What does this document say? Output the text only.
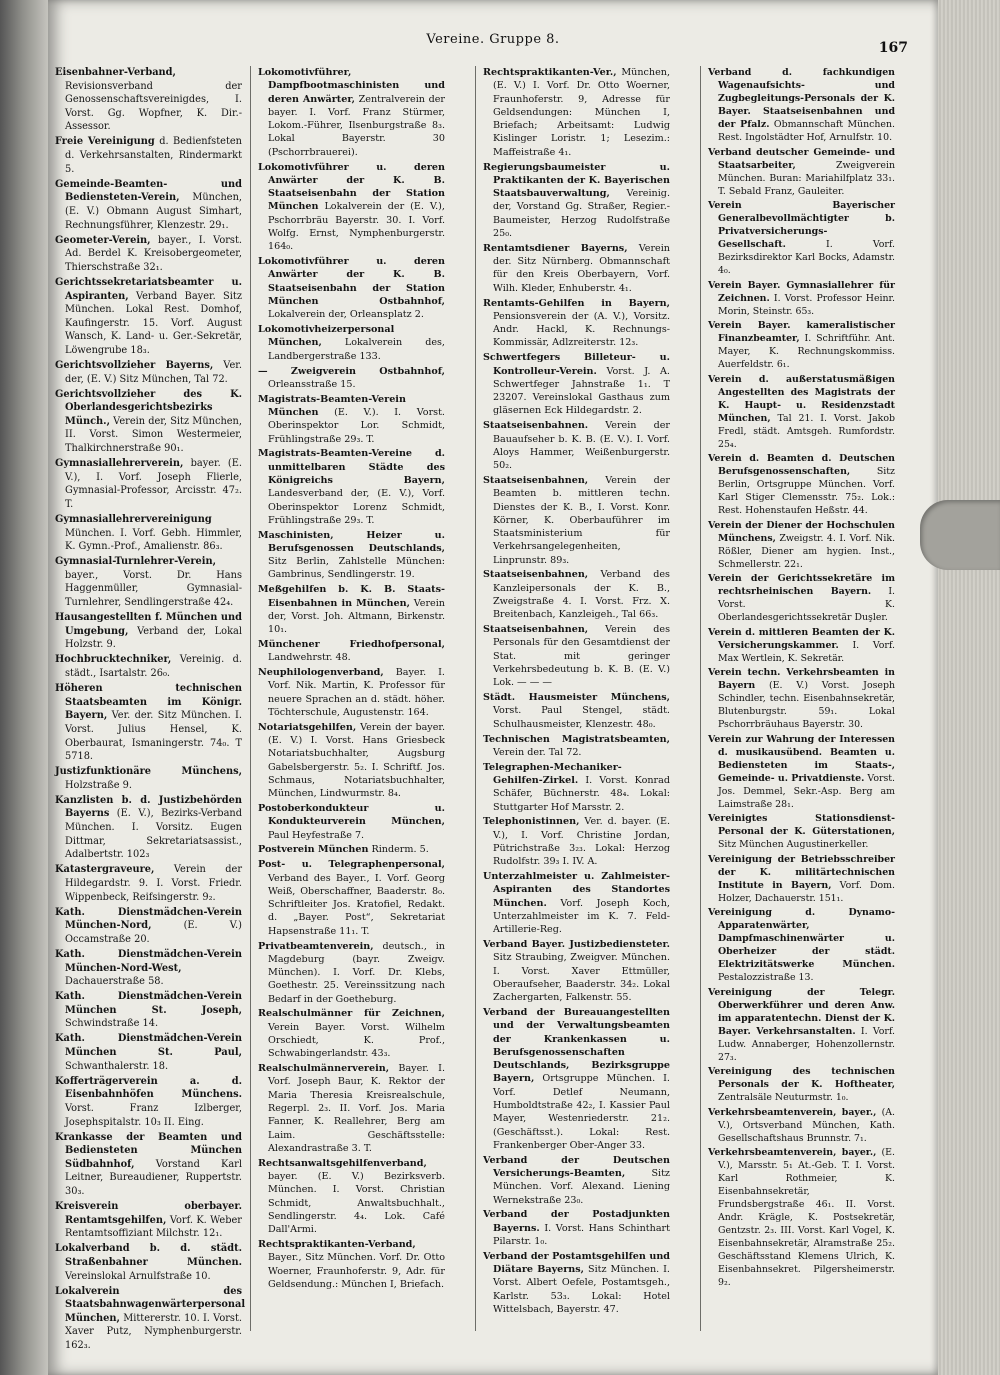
Vereine. Gruppe 8.
167

Eisenbahner-Verband, Revisionsverband der Genossenschaftsvereinigdes, I. Vorst. Gg. Wopfner, K. Dir.-Assessor.

Freie Vereinigung d. Bedienfsteten d. Verkehrsanstalten, Rindermarkt 5.

Gemeinde-Beamten- und Bediensteten-Verein, München, (E. V.) Obmann August Simhart, Rechnungsführer, Klenzestr. 29₁.

Geometer-Verein, bayer., I. Vorst. Ad. Berdel K. Kreisobergeometer, Thierschstraße 32₁.

Gerichtssekretariatsbeamter u. Aspiranten, Verband Bayer. Sitz München. Lokal Rest. Domhof, Kaufingerstr. 15. Vorf. August Wansch, K. Land- u. Ger.-Sekretär, Löwengrube 18₃.

Gerichtsvollzieher Bayerns, Ver. der, (E. V.) Sitz München, Tal 72.

Gerichtsvollzieher des K. Oberlandesgerichtsbezirks Münch., Verein der, Sitz München, II. Vorst. Simon Westermeier, Thalkirchnerstraße 90₁.

Gymnasiallehrerverein, bayer. (E. V.), I. Vorf. Joseph Flierle, Gymnasial-Professor, Arcisstr. 47₂. T.

Gymnasiallehrervereinigung München. I. Vorf. Gebh. Himmler, K. Gymn.-Prof., Amalienstr. 86₃.

Gymnasial-Turnlehrer-Verein, bayer., Vorst. Dr. Hans Haggenmüller, Gymnasial-Turnlehrer, Sendlingerstraße 42₄.

Hausangestellten f. München und Umgebung, Verband der, Lokal Holzstr. 9.

Hochbrucktechniker, Vereinig. d. städt., Isartalstr. 26₀.

Höheren technischen Staatsbeamten im Königr. Bayern, Ver. der. Sitz München. I. Vorst. Julius Hensel, K. Oberbaurat, Ismaningerstr. 74₀. T 5718.

Justizfunktionäre Münchens, Holzstraße 9.

Kanzlisten b. d. Justizbehörden Bayerns (E. V.), Bezirks-Verband München. I. Vorsitz. Eugen Dittmar, Sekretariatsassist., Adalbertstr. 102₃

Katastergraveure, Verein der Hildegardstr. 9. I. Vorst. Friedr. Wippenbeck, Reifsingerstr. 9₂.

Kath. Dienstmädchen-Verein München-Nord,	(E. V.) Occamstraße 20.

Kath. Dienstmädchen-Verein München-Nord-West, Dachauerstraße 58.

Kath. Dienstmädchen-Verein München St. Joseph, Schwindstraße 14.

Kath. Dienstmädchen-Verein München St. Paul, Schwanthalerstr. 18.

Kofferträgerverein a. d. Eisenbahnhöfen Münchens. Vorst. Franz Izlberger, Josephspitalstr. 10₃ II. Eing.

Krankasse der Beamten und Bediensteten München Südbahnhof, Vorstand Karl Leitner, Bureaudiener, Ruppertstr. 30₃.

Kreisverein oberbayer. Rentamtsgehilfen, Vorf. K. Weber Rentamtsoffiziant Milchstr. 12₁.

Lokalverband b. d. städt. Straßenbahner München. Vereinslokal Arnulfstraße 10.

Lokalverein des Staatsbahnwagenwärterpersonal München, Mittererstr. 10. I. Vorst. Xaver Putz, Nymphenburgerstr. 162₃.

Lokomotivführer, Dampfbootmaschinisten und deren Anwärter, Zentralverein der bayer. I. Vorf. Franz Stürmer, Lokom.-Führer, Ilsenburgstraße 8₃. Lokal Bayerstr. 30 (Pschorrbrauerei).

Lokomotivführer u. deren Anwärter der K. B. Staatseisenbahn der Station München Lokalverein der (E. V.), Pschorrbräu Bayerstr. 30. I. Vorf. Wolfg. Ernst, Nymphenburgerstr. 164₀.

Lokomotivführer u. deren Anwärter der K. B. Staatseisenbahn der Station München Ostbahnhof, Lokalverein der, Orleansplatz 2.

Lokomotivheizerpersonal München, Lokalverein des, Landbergerstraße 133.

— Zweigverein Ostbahnhof, Orleansstraße 15.

Magistrats-Beamten-Verein München (E. V.). I. Vorst. Oberinspektor Lor. Schmidt, Frühlingstraße 29₃. T.

Magistrats-Beamten-Vereine d. unmittelbaren Städte des Königreichs Bayern, Landesverband der, (E. V.), Vorf. Oberinspektor Lorenz Schmidt, Frühlingstraße 29₃. T.

Maschinisten, Heizer u. Berufsgenossen Deutschlands, Sitz Berlin, Zahlstelle München: Gambrinus, Sendlingerstr. 19.

Meßgehilfen b. K. B. Staats-Eisenbahnen in München, Verein der, Vorst. Joh. Altmann, Birkenstr. 10₁.

Münchener Friedhofpersonal, Landwehrstr. 48.

Neuphilologenverband, Bayer. I. Vorf. Nik. Martin, K. Professor für neuere Sprachen an d. städt. höher. Töchterschule, Augustenstr. 164.

Notariatsgehilfen, Verein der bayer. (E. V.) I. Vorst. Hans Griesbeck Notariatsbuchhalter, Augsburg Gabelsbergerstr. 5₂. I. Schriftf. Jos. Schmaus, Notariatsbuchhalter, München, Lindwurmstr. 8₄.

Postoberkondukteur u. Kondukteurverein München, Paul Heyfestraße 7.

Postverein München Rinderm. 5.

Post- u. Telegraphenpersonal, Verband des Bayer., I. Vorf. Georg Weiß, Oberschaffner, Baaderstr. 8₀. Schriftleiter Jos. Kratofiel, Redakt. d. „Bayer. Post“, Sekretariat Hapsenstraße 11₁. T.

Privatbeamtenverein, deutsch., in Magdeburg (bayr. Zweigv. München). I. Vorf. Dr. Klebs, Goethestr. 25. Vereinssitzung nach Bedarf in der Goetheburg.

Realschulmänner für Zeichnen, Verein Bayer. Vorst. Wilhelm Orschiedt, K. Prof., Schwabingerlandstr. 43₃.

Realschulmännerverein, Bayer. I. Vorf. Joseph Baur, K. Rektor der Maria Theresia Kreisrealschule, Regerpl. 2₃. II. Vorf. Jos. Maria Fanner, K. Reallehrer, Berg am Laim. Geschäftsstelle: Alexandrastraße 3. T.

Rechtsanwaltsgehilfenverband, bayer. (E. V.) Bezirksverb. München. I. Vorst. Christian Schmidt, Anwaltsbuchhalt., Sendlingerstr. 4₄. Lok. Café Dall'Armi.

Rechtspraktikanten-Verband, Bayer., Sitz München. Vorf. Dr. Otto Woerner, Fraunhoferstr. 9, Adr. für Geldsendung.: München I, Briefach.

Rechtspraktikanten-Ver., München, (E. V.) I. Vorf. Dr. Otto Woerner, Fraunhoferstr. 9, Adresse für Geldsendungen: München I, Briefach; Arbeitsamt: Ludwig Kislinger Loristr. 1; Lesezim.: Maffeistraße 4₁.

Regierungsbaumeister u. Praktikanten der K. Bayerischen Staatsbauverwaltung, Vereinig. der, Vorstand Gg. Straßer, Regier.-Baumeister, Herzog Rudolfstraße 25₀.

Rentamtsdiener Bayerns, Verein der. Sitz Nürnberg. Obmannschaft für den Kreis Oberbayern, Vorf. Wilh. Kleder, Enhuberstr. 4₁.

Rentamts-Gehilfen in Bayern, Pensionsverein der (A. V.), Vorsitz. Andr. Hackl, K. Rechnungs-Kommissär, Adlzreiterstr. 12₃.

Schwertfegers Billeteur- u. Kontrolleur-Verein. Vorst. J. A. Schwertfeger Jahnstraße 1₁. T 23207. Vereinslokal Gasthaus zum gläsernen Eck Hildegardstr. 2.

Staatseisenbahnen. Verein der Bauaufseher b. K. B. (E. V.). I. Vorf. Aloys Hammer, Weißenburgerstr. 50₂.

Staatseisenbahnen, Verein der Beamten b. mittleren techn. Dienstes der K. B., I. Vorst. Konr. Körner, K. Oberbauführer im Staatsministerium für Verkehrsangelegenheiten, Linprunstr. 89₃.

Staatseisenbahnen, Verband des Kanzleipersonals der K. B., Zweigstraße 4. I. Vorst. Frz. X. Breitenbach, Kanzleigeh., Tal 66₃.

Staatseisenbahnen, Verein des Personals für den Gesamtdienst der Stat. mit geringer Verkehrsbedeutung b. K. B. (E. V.) Lok. — — —

Städt. Hausmeister Münchens, Vorst. Paul Stengel, städt. Schulhausmeister, Klenzestr. 48₀.

Technischen Magistratsbeamten, Verein der. Tal 72.

Telegraphen-Mechaniker-Gehilfen-Zirkel. I. Vorst. Konrad Schäfer, Büchnerstr. 48₄. Lokal: Stuttgarter Hof Marsstr. 2.

Telephonistinnen, Ver. d. bayer. (E. V.), I. Vorf. Christine Jordan, Pütrichstraße 3₂₃. Lokal: Herzog Rudolfstr. 39₃ I. IV. A.

Unterzahlmeister u. Zahlmeister-Aspiranten des Standortes München. Vorf. Joseph Koch, Unterzahlmeister im K. 7. Feld-Artillerie-Reg.

Verband Bayer. Justizbediensteter. Sitz Straubing, Zweigver. München. I. Vorst. Xaver Ettmüller, Oberaufseher, Baaderstr. 34₂. Lokal Zachergarten, Falkenstr. 55.

Verband der Bureauangestellten und der Verwaltungsbeamten der Krankenkassen u. Berufsgenossenschaften Deutschlands, Bezirksgruppe Bayern, Ortsgruppe München. I. Vorf. Detlef Neumann, Humboldtstraße 42₂, I. Kassier Paul Mayer, Westenriederstr. 21₂. (Geschäftsst.). Lokal: Rest. Frankenberger Ober-Anger 33.

Verband der Deutschen Versicherungs-Beamten,	Sitz München. Vorf. Alexand. Liening Wernekstraße 23₀.

Verband der Postadjunkten Bayerns. I. Vorst. Hans Schinthart Pilarstr. 1₀.

Verband der Postamtsgehilfen und Diätare Bayerns, Sitz München. I. Vorst. Albert Oefele, Postamtsgeh., Karlstr. 53₃. Lokal: Hotel Wittelsbach, Bayerstr. 47.

Verband d. fachkundigen Wagenaufsichts- und Zugbegleitungs-Personals der K. Bayer. Staatseisenbahnen und der Pfalz. Obmannschaft München. Rest. Ingolstädter Hof, Arnulfstr. 10.

Verband deutscher Gemeinde- und Staatsarbeiter,	Zweigverein München. Buran: Mariahilfplatz 33₁. T. Sebald Franz, Gauleiter.

Verein Bayerischer Generalbevollmächtigter b. Privatversicherungs-Gesellschaft.	I. Vorf. Bezirksdirektor Karl Bocks, Adamstr. 4₀.

Verein Bayer. Gymnasiallehrer für Zeichnen. I. Vorst. Professor Heinr. Morin, Steinstr. 65₃.

Verein Bayer. kameralistischer Finanzbeamter, I. Schriftführ. Ant. Mayer, K. Rechnungskommiss. Auerfeldstr. 6₁.

Verein d. außerstatusmäßigen Angestellten des Magistrats der K. Haupt- u. Residenzstadt München, Tal 21. I. Vorst. Jakob Fredl, städt. Amtsgeh. Rumfordstr. 25₄.

Verein d. Beamten d. Deutschen Berufsgenossenschaften,	Sitz Berlin, Ortsgruppe München. Vorf. Karl Stiger Clemensstr. 75₂. Lok.: Rest. Hohenstaufen Heßstr. 44.

Verein der Diener der Hochschulen Münchens, Zweigstr. 4. I. Vorf. Nik. Rößler, Diener am hygien. Inst., Schmellerstr. 22₁.

Verein der Gerichtssekretäre im rechtsrheinischen Bayern. I. Vorst. K. Oberlandesgerichtssekretär Duşler.

Verein d. mittleren Beamten der K. Versicherungskammer. I. Vorf. Max Wertlein, K. Sekretär.

Verein techn. Verkehrsbeamten in Bayern (E. V.) Vorst. Joseph Schindler, techn. Eisenbahnsekretär, Blutenburgstr. 59₁. Lokal Pschorrbräuhaus Bayerstr. 30.

Verein zur Wahrung der Interessen d. musikausübend. Beamten u. Bediensteten im Staats-, Gemeinde- u. Privatdienste. Vorst. Jos. Demmel, Sekr.-Asp. Berg am Laimstraße 28₁.

Vereinigtes Stationsdienst-Personal der K. Güterstationen, Sitz München Augustinerkeller.

Vereinigung der Betriebsschreiber der K. militärtechnischen Institute in Bayern, Vorf. Dom. Holzer, Dachauerstr. 151₁.

Vereinigung d. Dynamo-Apparatenwärter, Dampfmaschinenwärter u. Oberheizer der städt. Elektrizitätswerke München. Pestalozzistraße 13.

Vereinigung der Telegr. Oberwerkführer und deren Anw. im apparatentechn. Dienst der K. Bayer. Verkehrsanstalten. I. Vorf. Ludw. Annaberger, Hohenzollernstr. 27₃.

Vereinigung des technischen Personals der K. Hoftheater, Zentralsäle Neuturmstr. 1₀.

Verkehrsbeamtenverein, bayer., (A. V.), Ortsverband München, Kath. Gesellschaftshaus Brunnstr. 7₁.

Verkehrsbeamtenverein, bayer., (E. V.), Marsstr. 5₁ At.-Geb. T. I. Vorst. Karl Rothmeier, K. Eisenbahnsekretär, Frundsbergstraße 46₁. II. Vorst. Andr. Krägle, K. Postsekretär, Gentzstr. 2₃. III. Vorst. Karl Vogel, K. Eisenbahnsekretär, Alramstraße 25₂. Geschäftsstand Klemens Ulrich, K. Eisenbahnsekret. Pilgersheimerstr. 9₂.
